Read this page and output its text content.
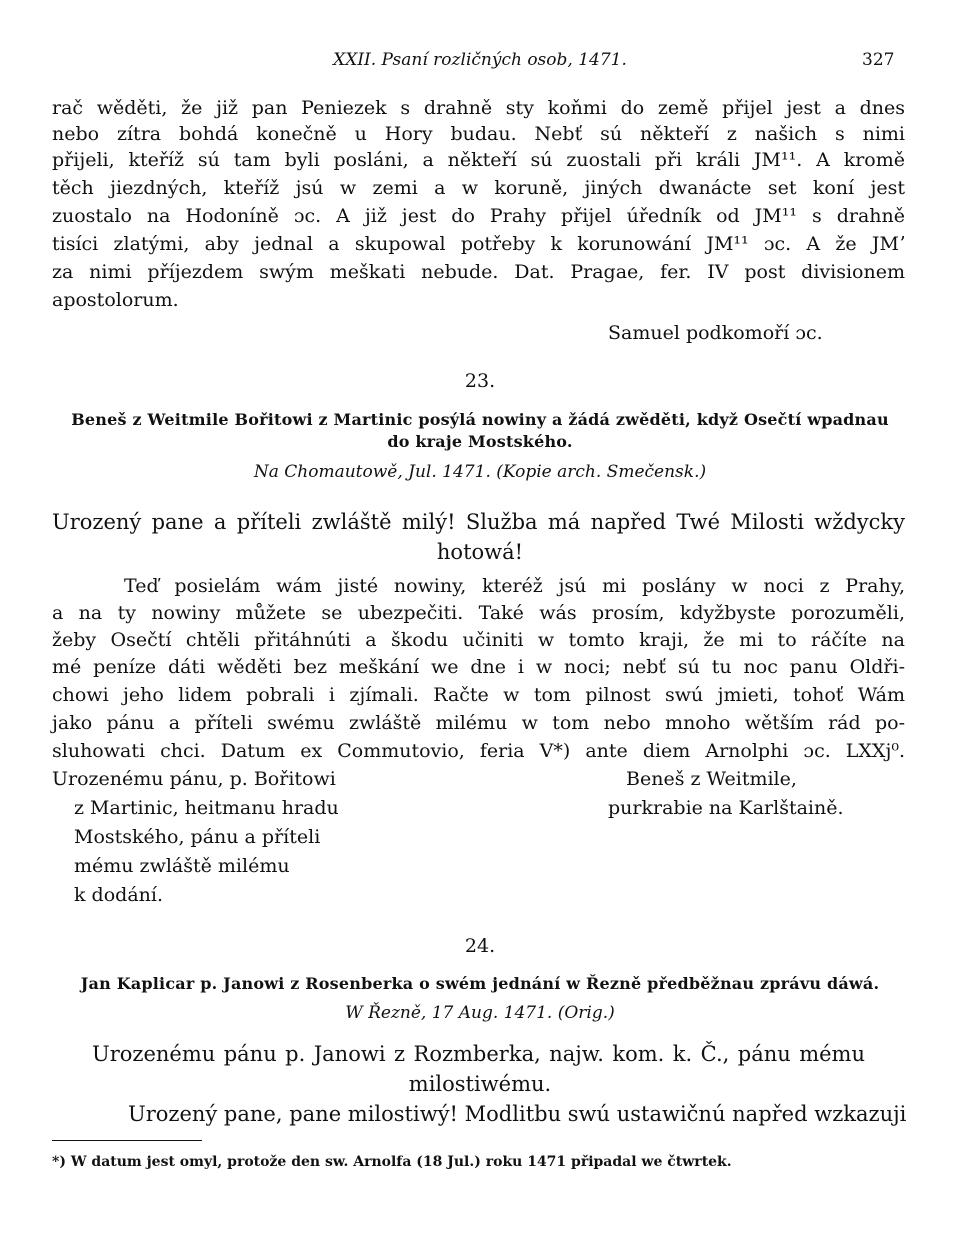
XXII. Psaní rozličných osob, 1471.	327
rač wěděti, že již pan Peniezek s drahně sty koňmi do země přijel jest a dnes
nebo zítra bohdá konečně u Hory budau. Nebť sú někteří z našich s nimi
přijeli, kteříž sú tam byli posláni, a někteří sú zuostali při králi JM¹¹. A kromě
těch jiezdných, kteříž jsú w zemi a w koruně, jiných dwanácte set koní jest
zuostalo na Hodoníně ɔc. A již jest do Prahy přijel úředník od JM¹¹ s drahně
tisíci zlatými, aby jednal a skupowal potřeby k korunowání JM¹¹ ɔc. A že JMʼ
za nimi příjezdem swým meškati nebude. Dat. Pragae, fer. IV post divisionem
apostolorum.
Samuel podkomoří ɔc.
23.
Beneš z Weitmile Bořitowi z Martinic posýlá nowiny a žádá zwěděti, když Osečtí wpadnau
do kraje Mostského.
Na Chomautowě, Jul. 1471. (Kopie arch. Smečensk.)
Urozený pane a příteli zwláště milý! Služba má napřed Twé Milosti wždycky
hotowá!
Teď posielám wám jisté nowiny, kteréž jsú mi poslány w noci z Prahy,
a na ty nowiny můžete se ubezpečiti. Také wás prosím, kdyžbyste porozuměli,
žeby Osečtí chtěli přitáhnúti a škodu učiniti w tomto kraji, že mi to ráčíte na
mé peníze dáti wěděti bez meškání we dne i w noci; nebť sú tu noc panu Oldři-
chowi jeho lidem pobrali i zjímali. Račte w tom pilnost swú jmieti, tohoť Wám
jako pánu a příteli swému zwláště milému w tom nebo mnoho wětším rád po-
sluhowati chci. Datum ex Commutovio, feria V*) ante diem Arnolphi ɔc. LXXj⁰.
Urozenému pánu, p. Bořitowi
z Martinic, heitmanu hradu
Mostského, pánu a příteli
mému zwláště milému
k dodání.
Beneš z Weitmile,
purkrabie na Karlštaině.
24.
Jan Kaplicar p. Janowi z Rosenberka o swém jednání w Řezně předběžnau zprávu dáwá.
W Řezně, 17 Aug. 1471. (Orig.)
Urozenému pánu p. Janowi z Rozmberka, najw. kom. k. Č., pánu mému
milostiwému.
Urozený pane, pane milostiwý! Modlitbu swú ustawičnú napřed wzkazuji
*) W datum jest omyl, protože den sw. Arnolfa (18 Jul.) roku 1471 připadal we čtwrtek.
